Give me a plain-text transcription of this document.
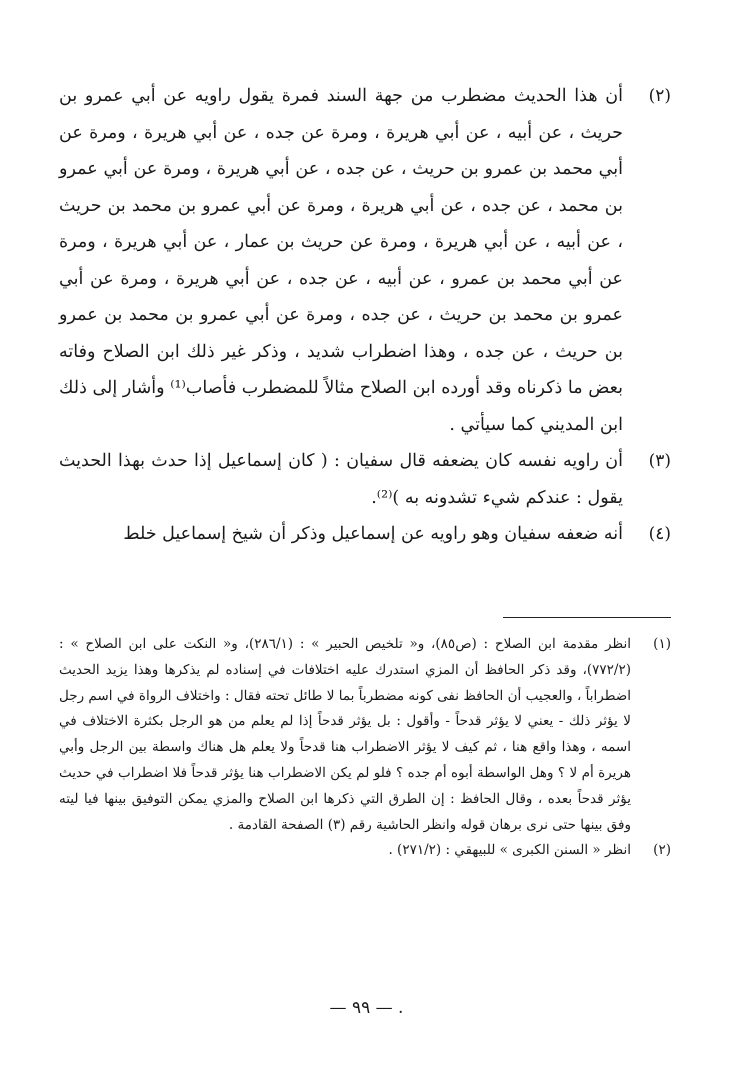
(٢)
أن هذا الحديث مضطرب من جهة السند فمرة يقول راويه عن أبي عمرو بن حريث ، عن أبيه ، عن أبي هريرة ، ومرة عن جده ، عن أبي هريرة ، ومرة عن أبي محمد بن عمرو بن حريث ، عن جده ، عن أبي هريرة ، ومرة عن أبي عمرو بن محمد ، عن جده ، عن أبي هريرة ، ومرة عن أبي عمرو بن محمد بن حريث ، عن أبيه ، عن أبي هريرة ، ومرة عن حريث بن عمار ، عن أبي هريرة ، ومرة عن أبي محمد بن عمرو ، عن أبيه ، عن جده ، عن أبي هريرة ، ومرة عن أبي عمرو بن محمد بن حريث ، عن جده ، ومرة عن أبي عمرو بن محمد بن عمرو بن حريث ، عن جده ، وهذا اضطراب شديد ، وذكر غير ذلك ابن الصلاح وفاته بعض ما ذكرناه وقد أورده ابن الصلاح مثالاً للمضطرب فأصاب⁽¹⁾ وأشار إلى ذلك ابن المديني كما سيأتي .
(٣)
أن راويه نفسه كان يضعفه قال سفيان : ( كان إسماعيل إذا حدث بهذا الحديث يقول : عندكم شيء تشدونه به )⁽²⁾.
(٤)
أنه ضعفه سفيان وهو راويه عن إسماعيل وذكر أن شيخ إسماعيل خلط
(١)
انظر مقدمة ابن الصلاح : (ص٨٥)، و« تلخيص الحبير » : (٢٨٦/١)، و« النكت على ابن الصلاح » : (٧٧٢/٢)، وقد ذكر الحافظ أن المزي استدرك عليه اختلافات في إسناده لم يذكرها وهذا يزيد الحديث اضطراباً ، والعجيب أن الحافظ نفى كونه مضطرباً بما لا طائل تحته فقال : واختلاف الرواة في اسم رجل لا يؤثر ذلك - يعني لا يؤثر قدحاً - وأقول : بل يؤثر قدحاً إذا لم يعلم من هو الرجل بكثرة الاختلاف في اسمه ، وهذا واقع هنا ، ثم كيف لا يؤثر الاضطراب هنا قدحاً ولا يعلم هل هناك واسطة بين الرجل وأبي هريرة أم لا ؟ وهل الواسطة أبوه أم جده ؟ فلو لم يكن الاضطراب هنا يؤثر قدحاً فلا اضطراب في حديث يؤثر قدحاً بعده ، وقال الحافظ : إن الطرق التي ذكرها ابن الصلاح والمزي يمكن التوفيق بينها فيا ليته وفق بينها حتى نرى برهان قوله وانظر الحاشية رقم (٣) الصفحة القادمة .
(٢)
انظر « السنن الكبرى » للبيهقي : (٢٧١/٢) .
. — ٩٩ —
